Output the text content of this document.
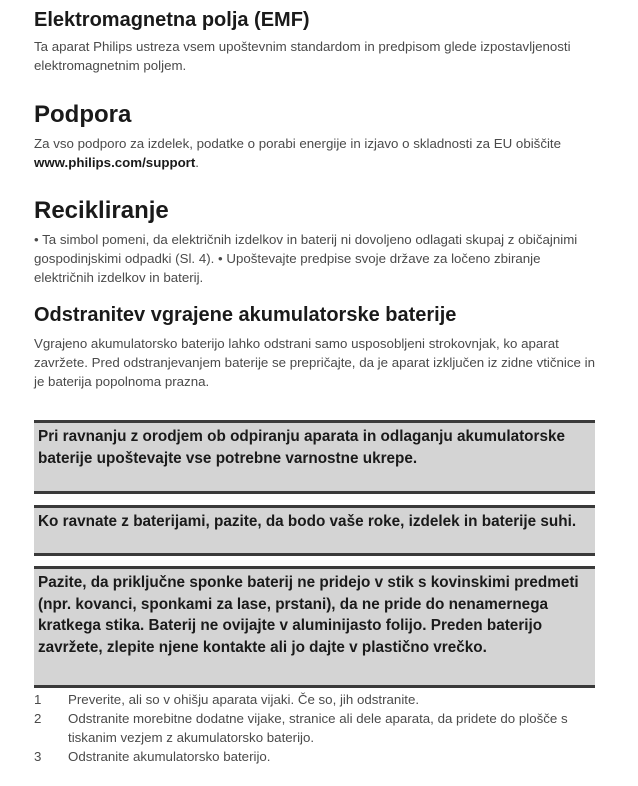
Elektromagnetna polja (EMF)

Ta aparat Philips ustreza vsem upoštevnim standardom in predpisom glede izpostavljenosti elektromagnetnim poljem.

Podpora

Za vso podporo za izdelek, podatke o porabi energije in izjavo o skladnosti za EU obiščite www.philips.com/support.

Recikliranje

• Ta simbol pomeni, da električnih izdelkov in baterij ni dovoljeno odlagati skupaj z običajnimi gospodinjskimi odpadki (Sl. 4). • Upoštevajte predpise svoje države za ločeno zbiranje električnih izdelkov in baterij.

Odstranitev vgrajene akumulatorske baterije

Vgrajeno akumulatorsko baterijo lahko odstrani samo usposobljeni strokovnjak, ko aparat zavržete. Pred odstranjevanjem baterije se prepričajte, da je aparat izključen iz zidne vtičnice in je baterija popolnoma prazna.

Pri ravnanju z orodjem ob odpiranju aparata in odlaganju akumulatorske baterije upoštevajte vse potrebne varnostne ukrepe.
Ko ravnate z baterijami, pazite, da bodo vaše roke, izdelek in baterije suhi.
Pazite, da priključne sponke baterij ne pridejo v stik s kovinskimi predmeti (npr. kovanci, sponkami za lase, prstani), da ne pride do nenamernega kratkega stika. Baterij ne ovijajte v aluminijasto folijo. Preden baterijo zavržete, zlepite njene kontakte ali jo dajte v plastično vrečko.
1	Preverite, ali so v ohišju aparata vijaki. Če so, jih odstranite.
2	Odstranite morebitne dodatne vijake, stranice ali dele aparata, da pridete do plošče s tiskanim vezjem z akumulatorsko baterijo.
3	Odstranite akumulatorsko baterijo.
